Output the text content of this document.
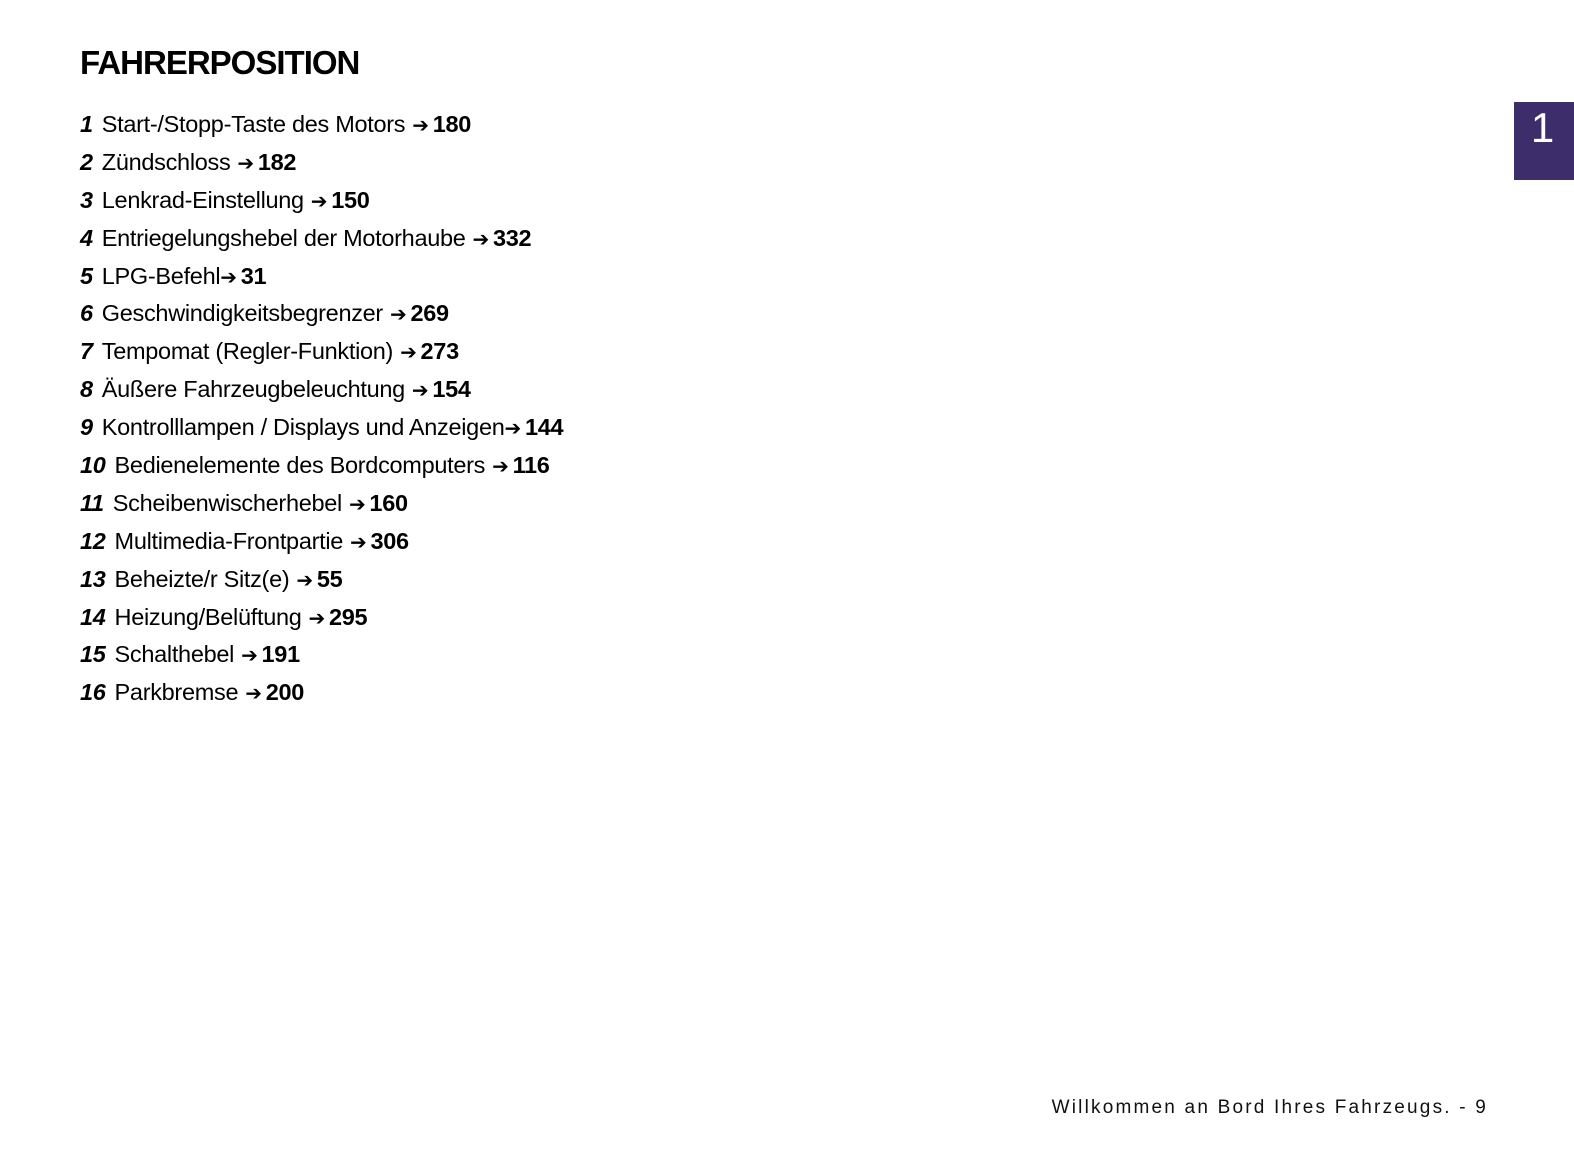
FAHRERPOSITION
1 Start-/Stopp-Taste des Motors ➔ 180
2 Zündschloss ➔ 182
3 Lenkrad-Einstellung ➔ 150
4 Entriegelungshebel der Motorhaube ➔ 332
5 LPG-Befehl➔ 31
6 Geschwindigkeitsbegrenzer ➔ 269
7 Tempomat (Regler-Funktion) ➔ 273
8 Äußere Fahrzeugbeleuchtung ➔ 154
9 Kontrolllampen / Displays und Anzeigen➔ 144
10 Bedienelemente des Bordcomputers ➔ 116
11 Scheibenwischerhebel ➔ 160
12 Multimedia-Frontpartie ➔ 306
13 Beheizte/r Sitz(e) ➔ 55
14 Heizung/Belüftung ➔ 295
15 Schalthebel ➔ 191
16 Parkbremse ➔ 200
1
Willkommen an Bord Ihres Fahrzeugs. - 9
